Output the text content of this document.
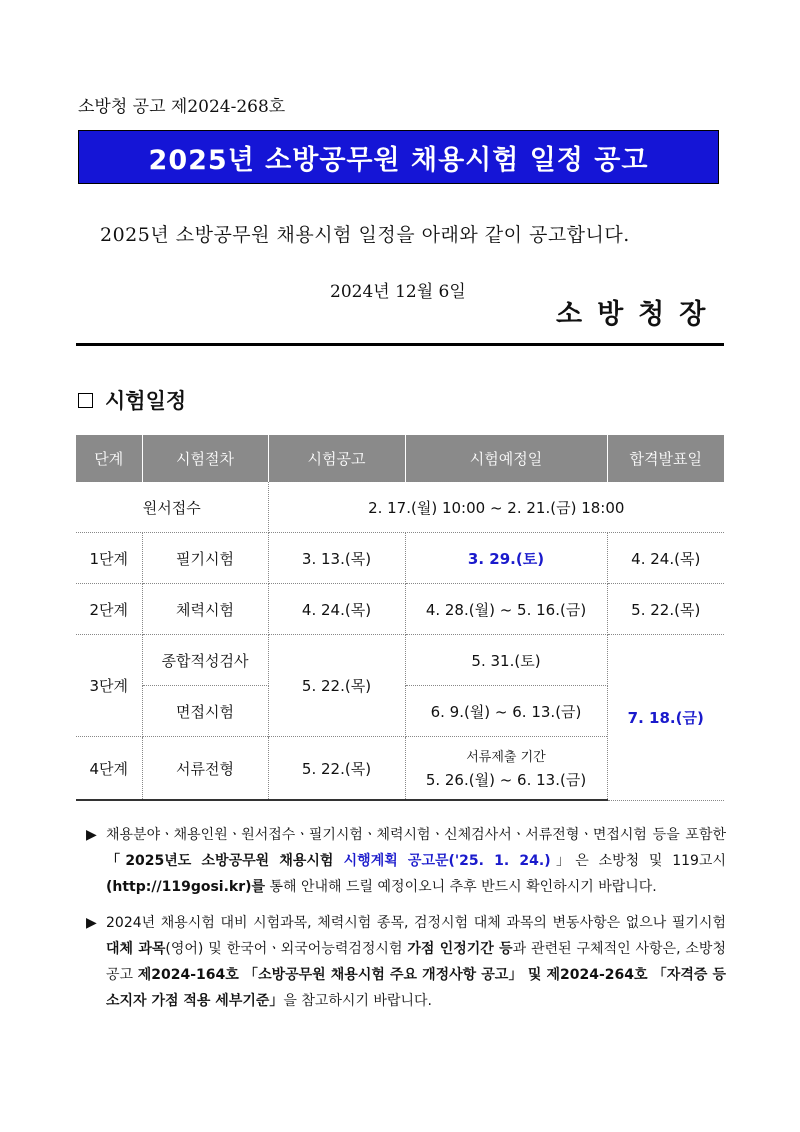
소방청 공고 제2024-268호
2025년 소방공무원 채용시험 일정 공고
2025년 소방공무원 채용시험 일정을 아래와 같이 공고합니다.
2024년 12월 6일
소방청장
시험일정
단계	시험절차	시험공고	시험예정일	합격발표일
원서접수		2. 17.(월) 10:00 ~ 2. 21.(금) 18:00		
1단계	필기시험	3. 13.(목)	3. 29.(토)	4. 24.(목)
2단계	체력시험	4. 24.(목)	4. 28.(월) ~ 5. 16.(금)	5. 22.(목)
3단계	종합적성검사	5. 22.(목)	5. 31.(토)	7. 18.(금)
	면접시험		6. 9.(월) ~ 6. 13.(금)	
4단계	서류전형	5. 22.(목)	서류제출 기간
5. 26.(월) ~ 6. 13.(금)	
▶ 채용분야ㆍ채용인원ㆍ원서접수ㆍ필기시험ㆍ체력시험ㆍ신체검사서ㆍ서류전형ㆍ면접시험 등을 포함한 「2025년도 소방공무원 채용시험 시행계획 공고문('25. 1. 24.)」은 소방청 및 119고시 (http://119gosi.kr)를 통해 안내해 드릴 예정이오니 추후 반드시 확인하시기 바랍니다.
▶ 2024년 채용시험 대비 시험과목, 체력시험 종목, 검정시험 대체 과목의 변동사항은 없으나 필기시험 대체 과목(영어) 및 한국어ㆍ외국어능력검정시험 가점 인정기간 등과 관련된 구체적인 사항은, 소방청 공고 제2024-164호 「소방공무원 채용시험 주요 개정사항 공고」 및 제2024-264호 「자격증 등 소지자 가점 적용 세부기준」을 참고하시기 바랍니다.
